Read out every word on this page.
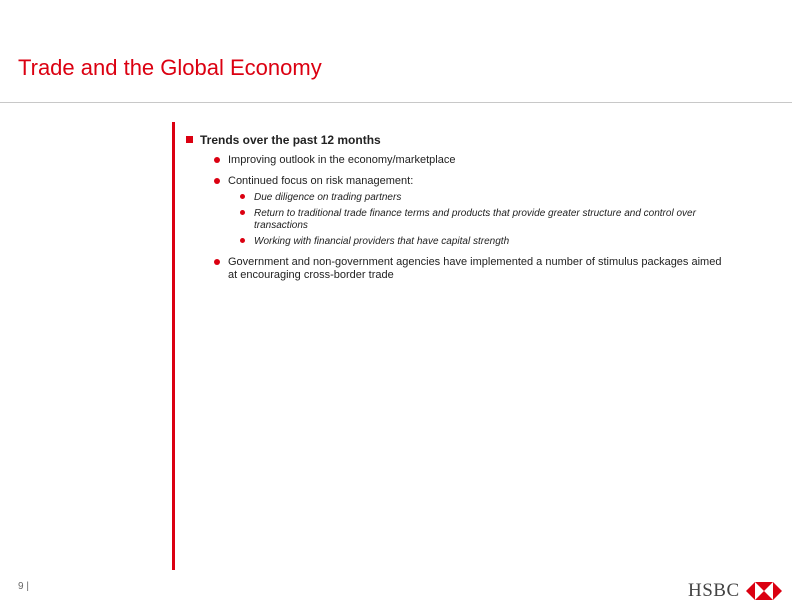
Trade and the Global Economy
Trends over the past 12 months
Improving outlook in the economy/marketplace
Continued focus on risk management:
Due diligence on trading partners
Return to traditional trade finance terms and products that provide greater structure and control over transactions
Working with financial providers that have capital strength
Government and non-government agencies have implemented a number of stimulus packages aimed at encouraging cross-border trade
9 |	HSBC
